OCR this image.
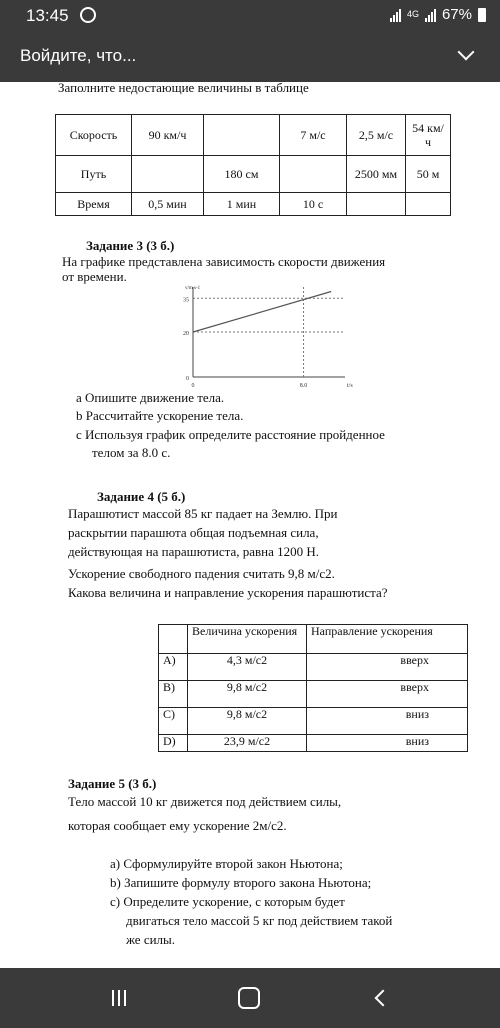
13:45	4G 67%
Войдите, что...
Заполните недостающие величины в таблице
Скорость	90 км/ч		7 м/с	2,5 м/с	54 км/ч
Путь		180 см		2500 мм	50 м
Время	0,5 мин	1 мин	10 с		
Задание 3 (3 б.)
На графике представлена зависимость скорости движения
от времени.
0
20
35
0	8.0	t/s
v/m s-1
a Опишите движение тела.
b Рассчитайте ускорение тела.
c Используя график определите расстояние пройденное
телом за 8.0 с.
Задание 4 (5 б.)
Парашютист массой 85 кг падает на Землю. При
раскрытии парашюта общая подъемная сила,
действующая на парашютиста, равна 1200 Н.
Ускорение свободного падения считать 9,8 м/с2.
Какова величина и направление ускорения парашютиста?
	Величина ускорения	Направление ускорения
A)	4,3 м/с2	вверх
B)	9,8 м/с2	вверх
C)	9,8 м/с2	вниз
D)	23,9 м/с2	вниз
Задание 5 (3 б.)
Тело массой 10 кг движется под действием силы,
которая сообщает ему ускорение 2м/с2.
a) Сформулируйте второй закон Ньютона;
b) Запишите формулу второго закона Ньютона;
c) Определите ускорение, с которым будет
двигаться тело массой 5 кг под действием такой
же силы.
